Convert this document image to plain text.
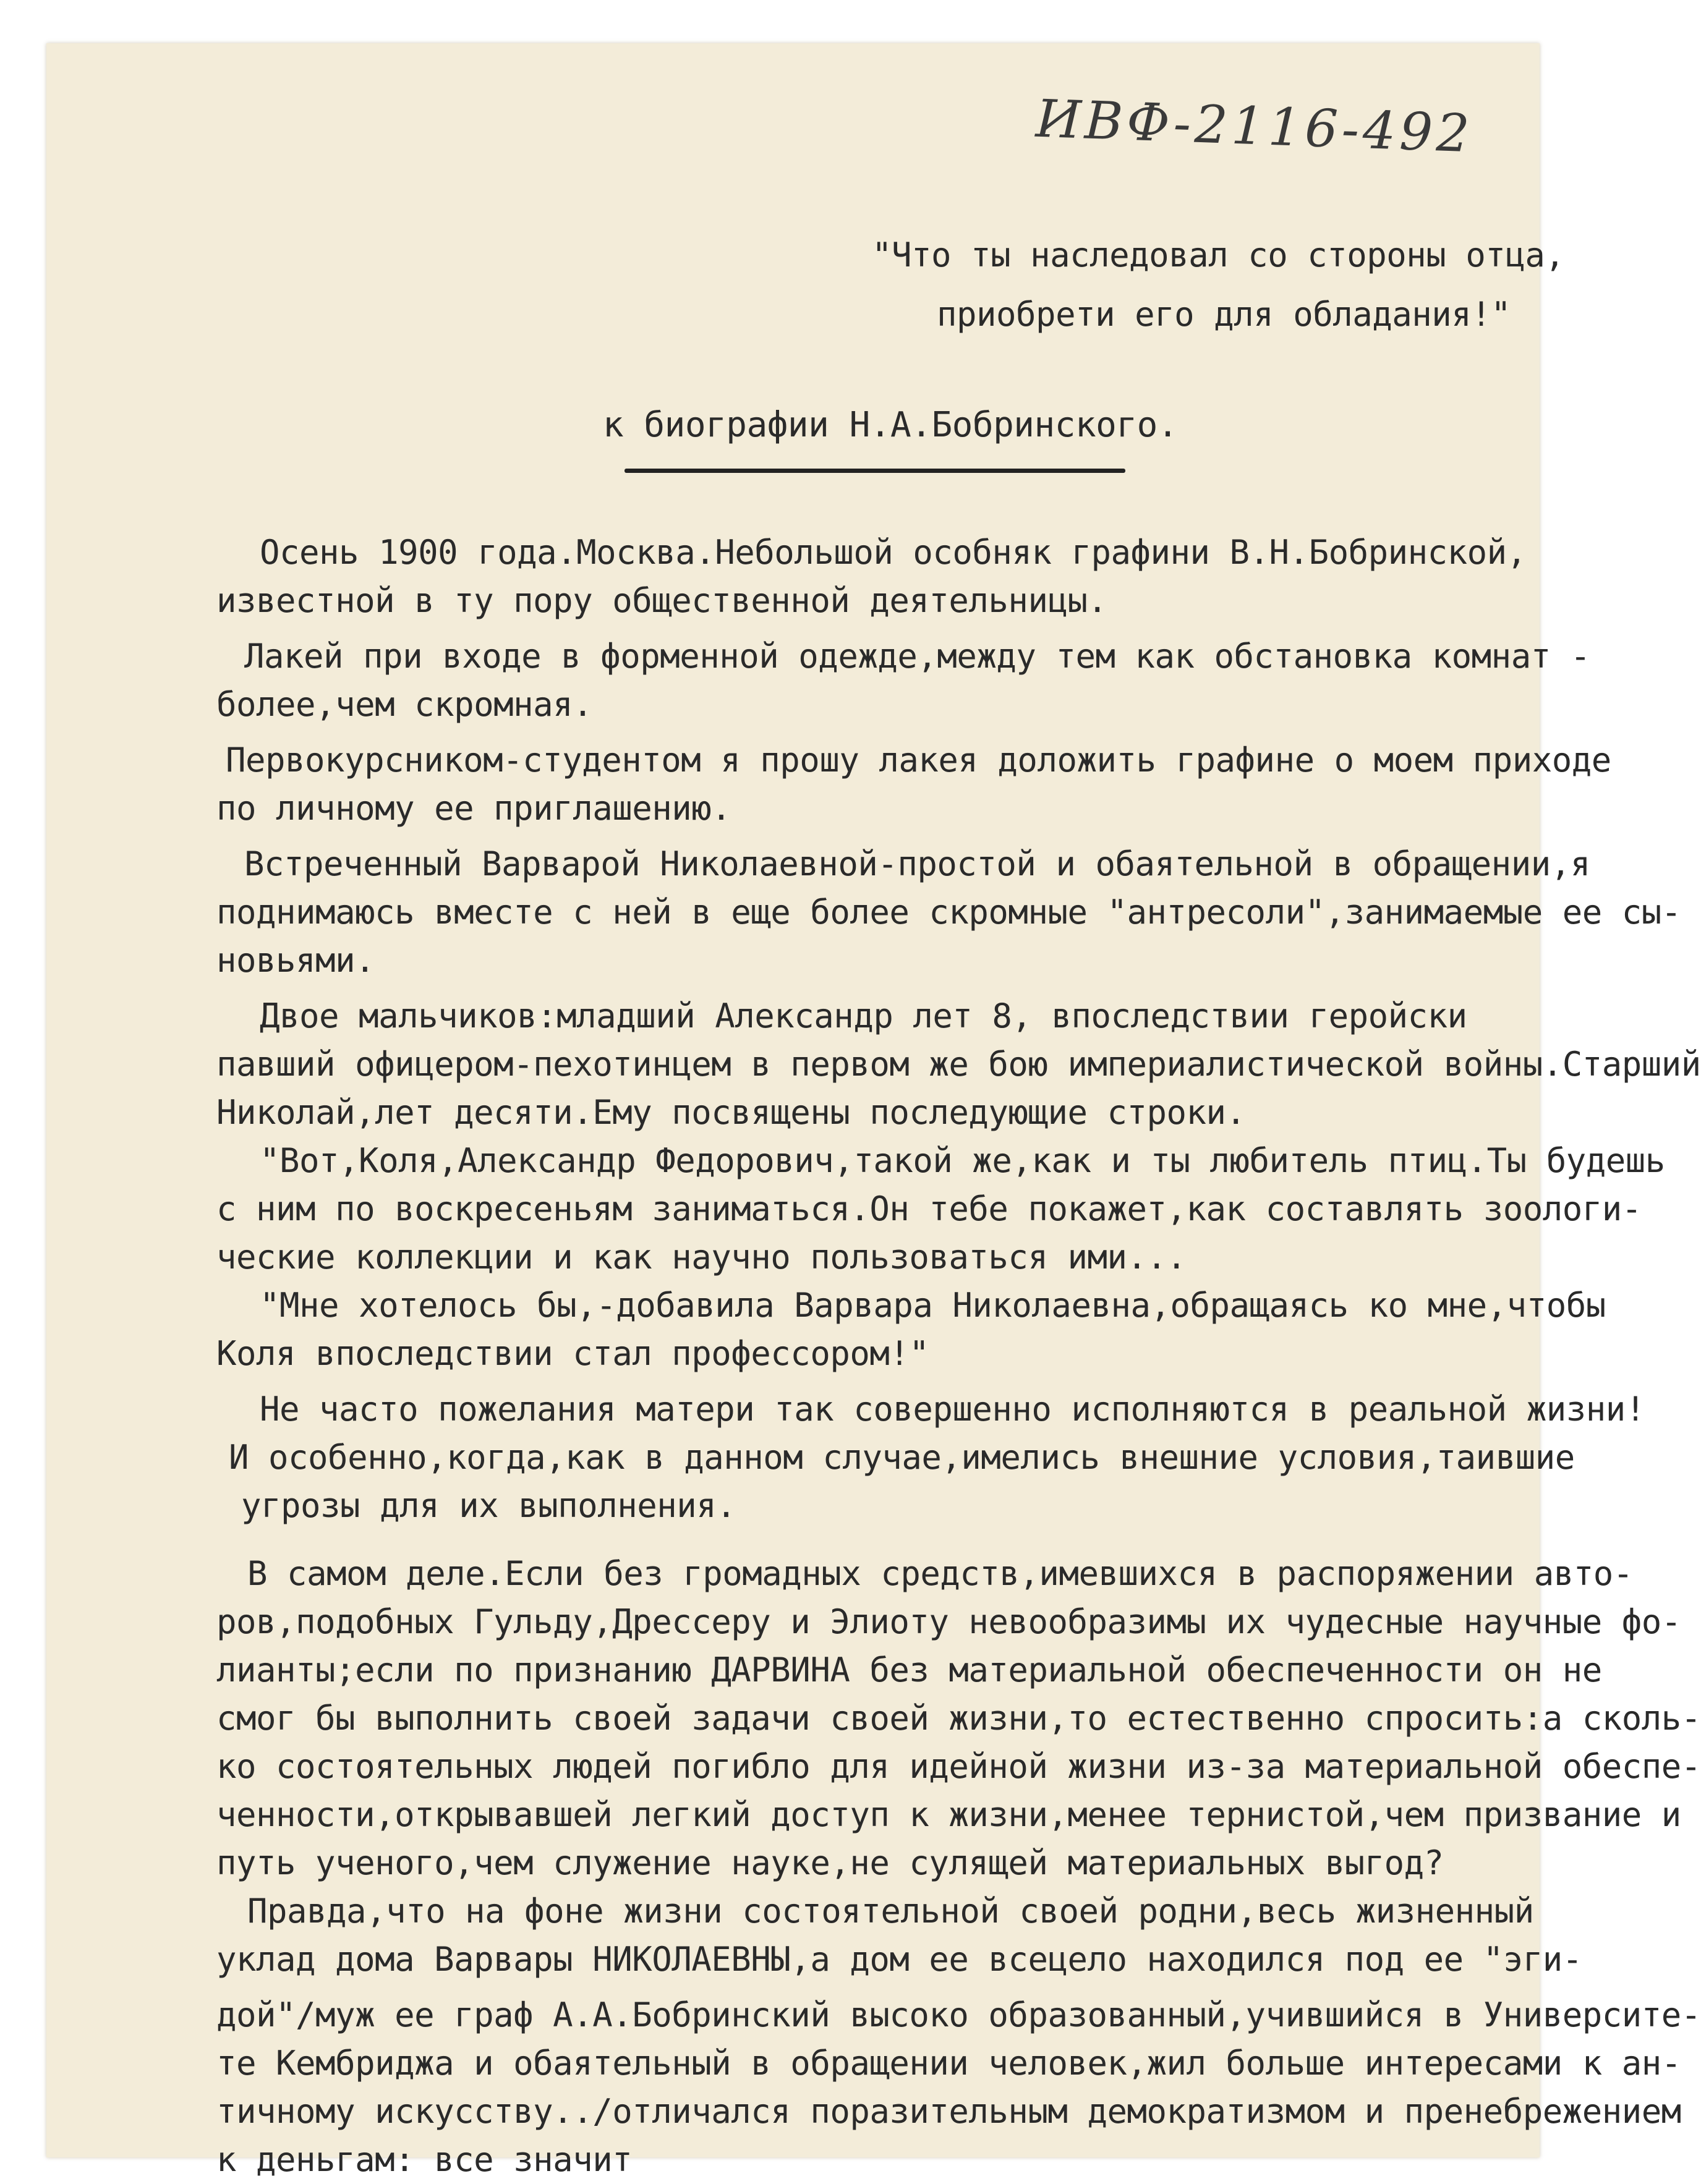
ИВФ-2116-492
"Что ты наследовал со стороны отца,
приобрети его для обладания!"
к биографии Н.А.Бобринского.
Осень 1900 года.Москва.Небольшой особняк графини В.Н.Бобринской,
известной в ту пору общественной деятельницы.
Лакей при входе в форменной одежде,между тем как обстановка комнат -
более,чем скромная.
Первокурсником-студентом я прошу лакея доложить графине о моем приходе
по личному ее приглашению.
Встреченный Варварой Николаевной-простой и обаятельной в обращении,я
поднимаюсь вместе с ней в еще более скромные "антресоли",занимаемые ее сы-
новьями.
Двое мальчиков:младший Александр лет 8, впоследствии геройски
павший офицером-пехотинцем в первом же бою империалистической войны.Старший
Николай,лет десяти.Ему посвящены последующие строки.
"Вот,Коля,Александр Федорович,такой же,как и ты любитель птиц.Ты будешь
с ним по воскресеньям заниматься.Он тебе покажет,как составлять зоологи-
ческие коллекции и как научно пользоваться ими...
"Мне хотелось бы,-добавила Варвара Николаевна,обращаясь ко мне,чтобы
Коля впоследствии стал профессором!"
Не часто пожелания матери так совершенно исполняются в реальной жизни!
И особенно,когда,как в данном случае,имелись внешние условия,таившие
угрозы для их выполнения.
В самом деле.Если без громадных средств,имевшихся в распоряжении авто-
ров,подобных Гульду,Дрессеру и Элиоту невообразимы их чудесные научные фо-
лианты;если по признанию ДАРВИНА без материальной обеспеченности он не
смог бы выполнить своей задачи своей жизни,то естественно спросить:а сколь-
ко состоятельных людей погибло для идейной жизни из-за материальной обеспе-
ченности,открывавшей легкий доступ к жизни,менее тернистой,чем призвание и
путь ученого,чем служение науке,не сулящей материальных выгод?
Правда,что на фоне жизни состоятельной своей родни,весь жизненный
уклад дома Варвары НИКОЛАЕВНЫ,а дом ее всецело находился под ее "эги-
дой"/муж ее граф А.А.Бобринский высоко образованный,учившийся в Университе-
те Кембриджа и обаятельный в обращении человек,жил больше интересами к ан-
тичному искусству../отличался поразительным демократизмом и пренебрежением
к деньгам: все значит
